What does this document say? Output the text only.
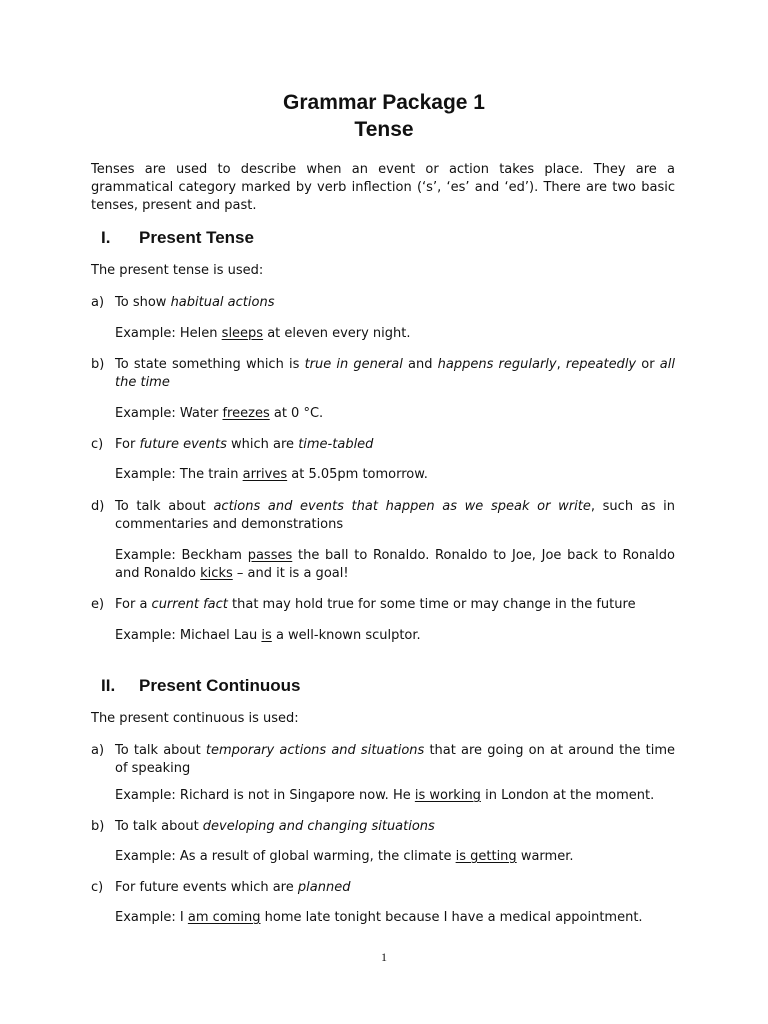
Grammar Package 1
Tense
Tenses are used to describe when an event or action takes place. They are a grammatical category marked by verb inflection (‘s’, ‘es’ and ‘ed’). There are two basic tenses, present and past.
I. Present Tense
The present tense is used:
a) To show habitual actions
Example: Helen sleeps at eleven every night.
b) To state something which is true in general and happens regularly, repeatedly or all the time
Example: Water freezes at 0 °C.
c) For future events which are time-tabled
Example: The train arrives at 5.05pm tomorrow.
d) To talk about actions and events that happen as we speak or write, such as in commentaries and demonstrations
Example: Beckham passes the ball to Ronaldo. Ronaldo to Joe, Joe back to Ronaldo and Ronaldo kicks – and it is a goal!
e) For a current fact that may hold true for some time or may change in the future
Example: Michael Lau is a well-known sculptor.
II. Present Continuous
The present continuous is used:
a) To talk about temporary actions and situations that are going on at around the time of speaking
Example: Richard is not in Singapore now. He is working in London at the moment.
b) To talk about developing and changing situations
Example: As a result of global warming, the climate is getting warmer.
c) For future events which are planned
Example: I am coming home late tonight because I have a medical appointment.
1
